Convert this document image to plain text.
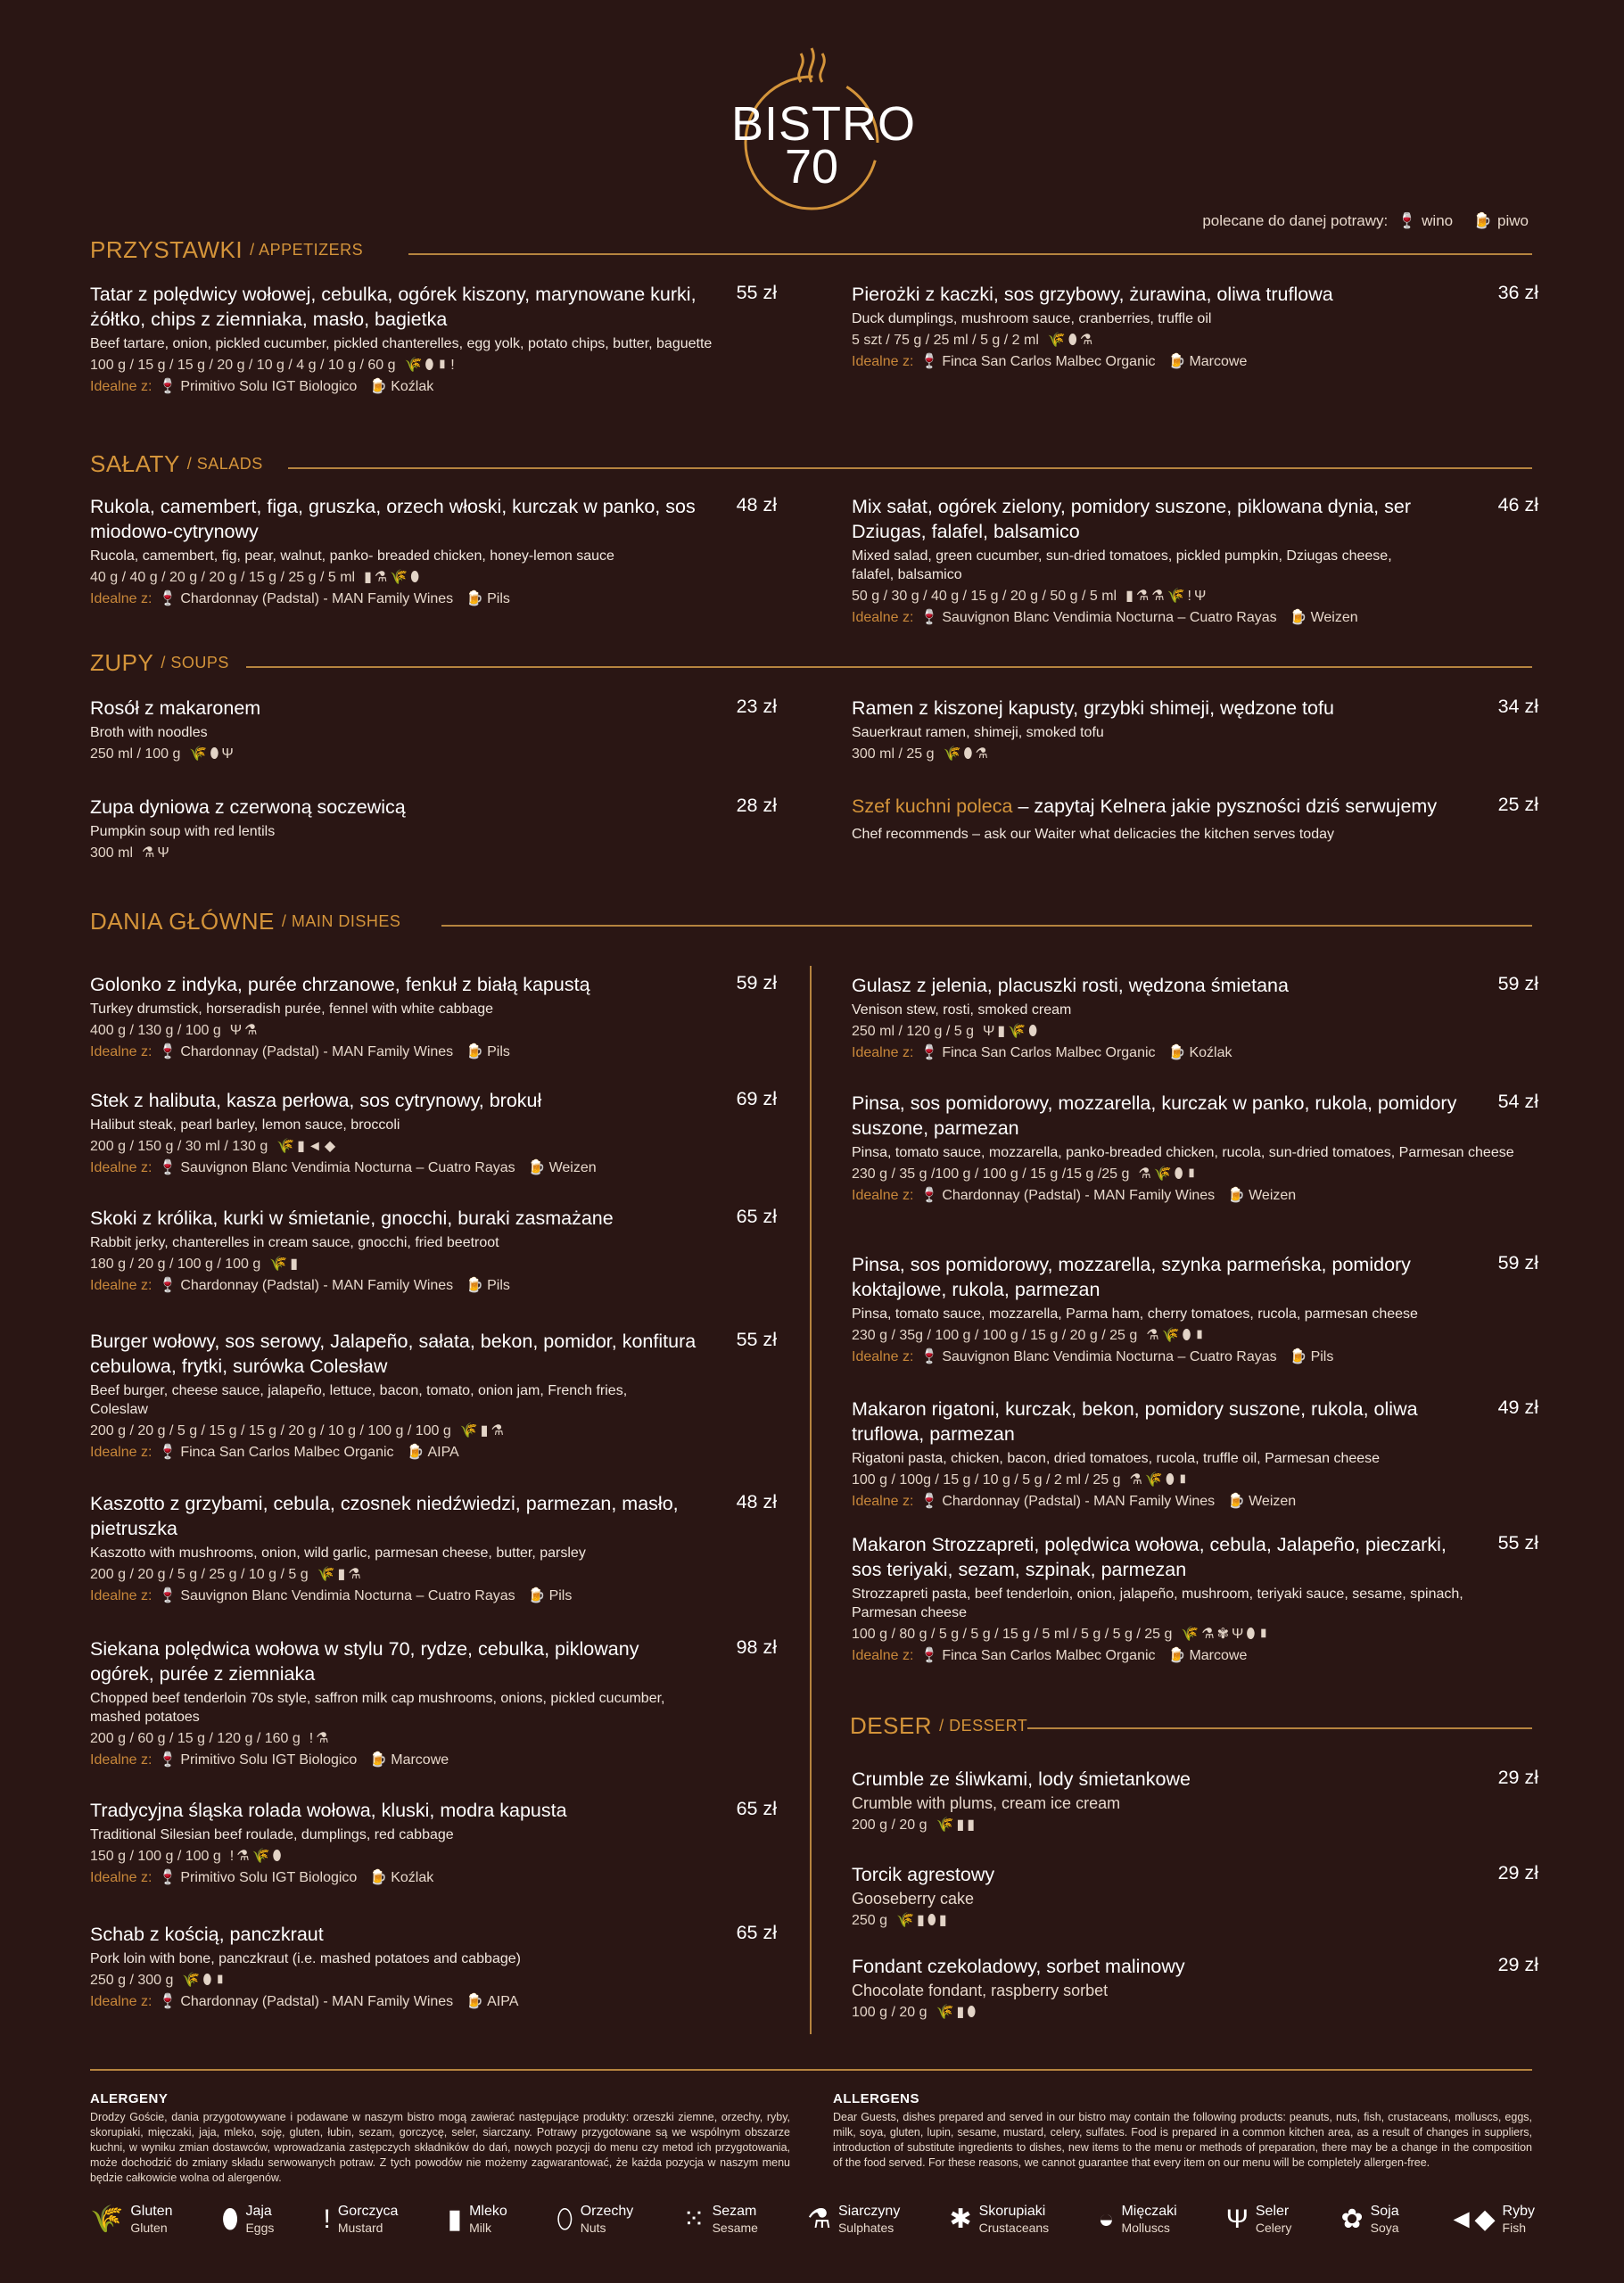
BISTRO
70
polecane do danej potrawy: 🍷 wino 🍺 piwo
PRZYSTAWKI / APPETIZERS
Tatar z polędwicy wołowej, cebulka, ogórek kiszony, marynowane kurki, żółtko, chips z ziemniaka, masło, bagietka
55 zł
Beef tartare, onion, pickled cucumber, pickled chanterelles, egg yolk, potato chips, butter, baguette
100 g / 15 g / 15 g / 20 g / 10 g / 4 g / 10 g / 60 g 🌾⬮▮!
Idealne z: 🍷 Primitivo Solu IGT Biologico 🍺 Koźlak
Pierożki z kaczki, sos grzybowy, żurawina, oliwa truflowa	36 zł
Duck dumplings, mushroom sauce, cranberries, truffle oil
5 szt / 75 g / 25 ml / 5 g / 2 ml 🌾⬮⚗
Idealne z: 🍷 Finca San Carlos Malbec Organic 🍺 Marcowe
SAŁATY / SALADS
Rukola, camembert, figa, gruszka, orzech włoski, kurczak w panko, sos miodowo-cytrynowy
48 zł
Rucola, camembert, fig, pear, walnut, panko- breaded chicken, honey-lemon sauce
40 g / 40 g / 20 g / 20 g / 15 g / 25 g / 5 ml ▮⚗🌾⬮
Idealne z: 🍷 Chardonnay (Padstal) - MAN Family Wines 🍺 Pils
Mix sałat, ogórek zielony, pomidory suszone, piklowana dynia, ser Dziugas, falafel, balsamico
46 zł
Mixed salad, green cucumber, sun-dried tomatoes, pickled pumpkin, Dziugas cheese, falafel, balsamico
50 g / 30 g / 40 g / 15 g / 20 g / 50 g / 5 ml ▮⚗⚗🌾!Ψ
Idealne z: 🍷 Sauvignon Blanc Vendimia Nocturna – Cuatro Rayas 🍺 Weizen
ZUPY / SOUPS
Rosół z makaronem	23 zł
Broth with noodles
250 ml / 100 g 🌾⬮Ψ
Ramen z kiszonej kapusty, grzybki shimeji, wędzone tofu	34 zł
Sauerkraut ramen, shimeji, smoked tofu
300 ml / 25 g 🌾⬮⚗
Zupa dyniowa z czerwoną soczewicą	28 zł
Pumpkin soup with red lentils
300 ml ⚗Ψ
Szef kuchni poleca – zapytaj Kelnera jakie pyszności dziś serwujemy	25 zł
Chef recommends – ask our Waiter what delicacies the kitchen serves today
DANIA GŁÓWNE / MAIN DISHES
Golonko z indyka, purée chrzanowe, fenkuł z białą kapustą	59 zł
Turkey drumstick, horseradish purée, fennel with white cabbage
400 g / 130 g / 100 g Ψ⚗
Idealne z: 🍷 Chardonnay (Padstal) - MAN Family Wines 🍺 Pils
Stek z halibuta, kasza perłowa, sos cytrynowy, brokuł	69 zł
Halibut steak, pearl barley, lemon sauce, broccoli
200 g / 150 g / 30 ml / 130 g 🌾▮◄◆
Idealne z: 🍷 Sauvignon Blanc Vendimia Nocturna – Cuatro Rayas 🍺 Weizen
Skoki z królika, kurki w śmietanie, gnocchi, buraki zasmażane	65 zł
Rabbit jerky, chanterelles in cream sauce, gnocchi, fried beetroot
180 g / 20 g / 100 g / 100 g 🌾▮
Idealne z: 🍷 Chardonnay (Padstal) - MAN Family Wines 🍺 Pils
Burger wołowy, sos serowy, Jalapeño, sałata, bekon, pomidor, konfitura cebulowa, frytki, surówka Colesław
55 zł
Beef burger, cheese sauce, jalapeño, lettuce, bacon, tomato, onion jam, French fries, Coleslaw
200 g / 20 g / 5 g / 15 g / 15 g / 20 g / 10 g / 100 g / 100 g 🌾▮⚗
Idealne z: 🍷 Finca San Carlos Malbec Organic 🍺 AIPA
Kaszotto z grzybami, cebula, czosnek niedźwiedzi, parmezan, masło, pietruszka
48 zł
Kaszotto with mushrooms, onion, wild garlic, parmesan cheese, butter, parsley
200 g / 20 g / 5 g / 25 g / 10 g / 5 g 🌾▮⚗
Idealne z: 🍷 Sauvignon Blanc Vendimia Nocturna – Cuatro Rayas 🍺 Pils
Siekana polędwica wołowa w stylu 70, rydze, cebulka, piklowany ogórek, purée z ziemniaka
98 zł
Chopped beef tenderloin 70s style, saffron milk cap mushrooms, onions, pickled cucumber, mashed potatoes
200 g / 60 g / 15 g / 120 g / 160 g !⚗
Idealne z: 🍷 Primitivo Solu IGT Biologico 🍺 Marcowe
Tradycyjna śląska rolada wołowa, kluski, modra kapusta	65 zł
Traditional Silesian beef roulade, dumplings, red cabbage
150 g / 100 g / 100 g !⚗🌾⬮
Idealne z: 🍷 Primitivo Solu IGT Biologico 🍺 Koźlak
Schab z kością, panczkraut	65 zł
Pork loin with bone, panczkraut (i.e. mashed potatoes and cabbage)
250 g / 300 g 🌾⬮▮
Idealne z: 🍷 Chardonnay (Padstal) - MAN Family Wines 🍺 AIPA
Gulasz z jelenia, placuszki rosti, wędzona śmietana	59 zł
Venison stew, rosti, smoked cream
250 ml / 120 g / 5 g Ψ▮🌾⬮
Idealne z: 🍷 Finca San Carlos Malbec Organic 🍺 Koźlak
Pinsa, sos pomidorowy, mozzarella, kurczak w panko, rukola, pomidory suszone, parmezan
54 zł
Pinsa, tomato sauce, mozzarella, panko-breaded chicken, rucola, sun-dried tomatoes, Parmesan cheese
230 g / 35 g /100 g / 100 g / 15 g /15 g /25 g ⚗🌾⬮▮
Idealne z: 🍷 Chardonnay (Padstal) - MAN Family Wines 🍺 Weizen
Pinsa, sos pomidorowy, mozzarella, szynka parmeńska, pomidory koktajlowe, rukola, parmezan
59 zł
Pinsa, tomato sauce, mozzarella, Parma ham, cherry tomatoes, rucola, parmesan cheese
230 g / 35g / 100 g / 100 g / 15 g / 20 g / 25 g ⚗🌾⬮▮
Idealne z: 🍷 Sauvignon Blanc Vendimia Nocturna – Cuatro Rayas 🍺 Pils
Makaron rigatoni, kurczak, bekon, pomidory suszone, rukola, oliwa truflowa, parmezan
49 zł
Rigatoni pasta, chicken, bacon, dried tomatoes, rucola, truffle oil, Parmesan cheese
100 g / 100g / 15 g / 10 g / 5 g / 2 ml / 25 g ⚗🌾⬮▮
Idealne z: 🍷 Chardonnay (Padstal) - MAN Family Wines 🍺 Weizen
Makaron Strozzapreti, polędwica wołowa, cebula, Jalapeño, pieczarki, sos teriyaki, sezam, szpinak, parmezan
55 zł
Strozzapreti pasta, beef tenderloin, onion, jalapeño, mushroom, teriyaki sauce, sesame, spinach, Parmesan cheese
100 g / 80 g / 5 g / 5 g / 15 g / 5 ml / 5 g / 5 g / 25 g 🌾⚗✾Ψ⬮▮
Idealne z: 🍷 Finca San Carlos Malbec Organic 🍺 Marcowe
DESER / DESSERT
Crumble ze śliwkami, lody śmietankowe	29 zł
Crumble with plums, cream ice cream
200 g / 20 g 🌾▮▮
Torcik agrestowy	29 zł
Gooseberry cake
250 g 🌾▮⬮▮
Fondant czekoladowy, sorbet malinowy	29 zł
Chocolate fondant, raspberry sorbet
100 g / 20 g 🌾▮⬮
ALERGENY
Drodzy Goście, dania przygotowywane i podawane w naszym bistro mogą zawierać następujące produkty: orzeszki ziemne, orzechy, ryby, skorupiaki, mięczaki, jaja, mleko, soję, gluten, łubin, sezam, gorczycę, seler, siarczany. Potrawy przygotowane są we wspólnym obszarze kuchni, w wyniku zmian dostawców, wprowadzania zastępczych składników do dań, nowych pozycji do menu czy metod ich przygotowania, może dochodzić do zmiany składu serwowanych potraw. Z tych powodów nie możemy zagwarantować, że każda pozycja w naszym menu będzie całkowicie wolna od alergenów.
ALLERGENS
Dear Guests, dishes prepared and served in our bistro may contain the following products: peanuts, nuts, fish, crustaceans, molluscs, eggs, milk, soya, gluten, lupin, sesame, mustard, celery, sulfates. Food is prepared in a common kitchen area, as a result of changes in suppliers, introduction of substitute ingredients to dishes, new items to the menu or methods of preparation, there may be a change in the composition of the food served. For these reasons, we cannot guarantee that every item on our menu will be completely allergen-free.
🌾 Gluten
Gluten ⬮ Jaja
Eggs ! Gorczyca
Mustard	▮ Mleko
Milk	⬯ Orzechy
Nuts	⁙ Sezam
Sesame ⚗ Siarczyny
Sulphates ✱ Skorupiaki
Crustaceans ◒ Mięczaki
Molluscs Ψ Seler
Celery ✿ Soja
Soya ◄◆ Ryby
Fish
